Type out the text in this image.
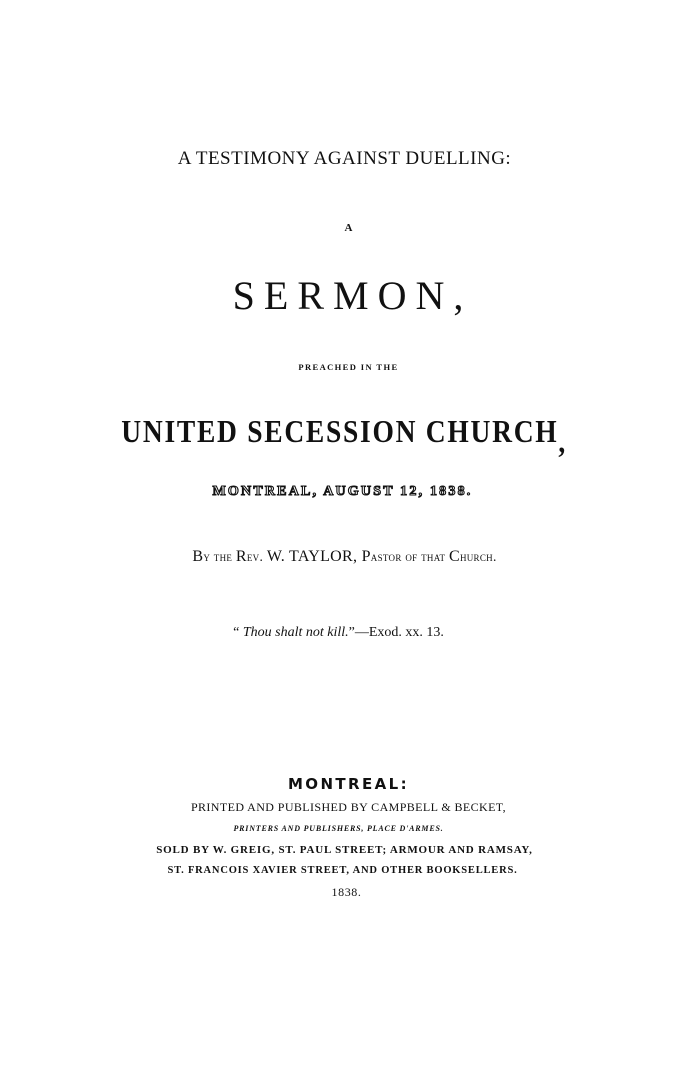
A TESTIMONY AGAINST DUELLING:
A
SERMON,
PREACHED IN THE
UNITED SECESSION CHURCH,
MONTREAL, AUGUST 12, 1838.
By the Rev. W. TAYLOR, Pastor of that Church.
“ Thou shalt not kill.”—Exod. xx. 13.
MONTREAL:
PRINTED AND PUBLISHED BY CAMPBELL & BECKET,
PRINTERS AND PUBLISHERS, PLACE D'ARMES.
SOLD BY W. GREIG, ST. PAUL STREET; ARMOUR AND RAMSAY,
ST. FRANCOIS XAVIER STREET, AND OTHER BOOKSELLERS.
1838.
